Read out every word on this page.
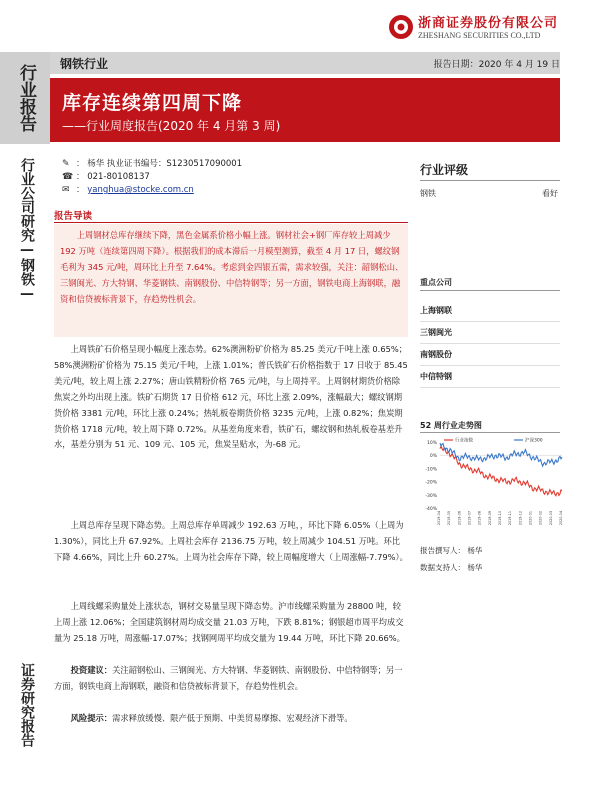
浙商证券股份有限公司
ZHESHANG SECURITIES CO.,LTD
行业报告
行业公司研究—钢铁—
证券研究报告
钢铁行业	报告日期：2020 年 4 月 19 日
库存连续第四周下降
——行业周度报告(2020 年 4 月第 3 周)
✎ ： 杨华 执业证书编号：S1230517090001
☎ ： 021-80108137
✉ ： yanghua@stocke.com.cn
报告导读
上周钢材总库存继续下降，黑色金属系价格小幅上涨。钢材社会+钢厂库存较上周减少 192 万吨（连续第四周下降）。根据我们的成本滞后一月模型测算，截至 4 月 17 日，螺纹钢毛利为 345 元/吨，周环比上升至 7.64%。考虑到金四银五需，需求较强，关注：韶钢松山、三钢闽光、方大特钢、华菱钢铁、南钢股份、中信特钢等；另一方面，钢铁电商上海钢联，融资和信贷被标背景下，存趋势性机会。
上周铁矿石价格呈现小幅度上涨态势。62%澳洲粉矿价格为 85.25 美元/千吨上涨 0.65%；58%澳洲粉矿价格为 75.15 美元/千吨，上涨 1.01%；普氏铁矿石价格指数于 17 日收于 85.45 美元/吨，较上周上涨 2.27%；唐山铁精粉价格 765 元/吨，与上周持平。上周钢材期货价格除焦炭之外均出现上涨。铁矿石期货 17 日价格 612 元，环比上涨 2.09%，涨幅最大；螺纹钢期货价格 3381 元/吨，环比上涨 0.24%；热轧板卷期货价格 3235 元/吨，上涨 0.82%；焦炭期货价格 1718 元/吨，较上周下降 0.72%。从基差角度来看，铁矿石，螺纹钢和热轧板卷基差升水，基差分别为 51 元、109 元、105 元，焦炭呈贴水，为-68 元。
上周总库存呈现下降态势。上周总库存单周减少 192.63 万吨，，环比下降 6.05%（上周为 1.30%），同比上升 67.92%。上周社会库存 2136.75 万吨，较上周减少 104.51 万吨。环比下降 4.66%，同比上升 60.27%。上周为社会库存下降，较上周幅度增大（上周涨幅-7.79%）。
上周线螺采购量处上涨状态，钢材交易量呈现下降态势。沪市线螺采购量为 28800 吨，较上周上涨 12.06%；全国建筑钢材周均成交量 21.03 万吨，下跌 8.81%；钢银超市周平均成交量为 25.18 万吨，周涨幅-17.07%；找钢网周平均成交量为 19.44 万吨，环比下降 20.66%。
投资建议：关注韶钢松山、三钢闽光、方大特钢、华菱钢铁、南钢股份、中信特钢等；另一方面，钢铁电商上海钢联，融资和信贷被标背景下，存趋势性机会。
风险提示：需求释放缓慢、限产低于预期、中美贸易摩擦、宏观经济下滑等。
行业评级
钢铁	看好
重点公司
上海钢联
三钢闽光
南钢股份
中信特钢
52 周行业走势图
10%
0%
-10%
-20%
-30%
-40%
2019-04 2019-05 2019-06 2019-07 2019-08 2019-09 2019-10 2019-11 2019-12 2020-01 2020-02 2020-03 2020-04
行业指数	沪深300
报告撰写人： 杨华
数据支持人： 杨华
